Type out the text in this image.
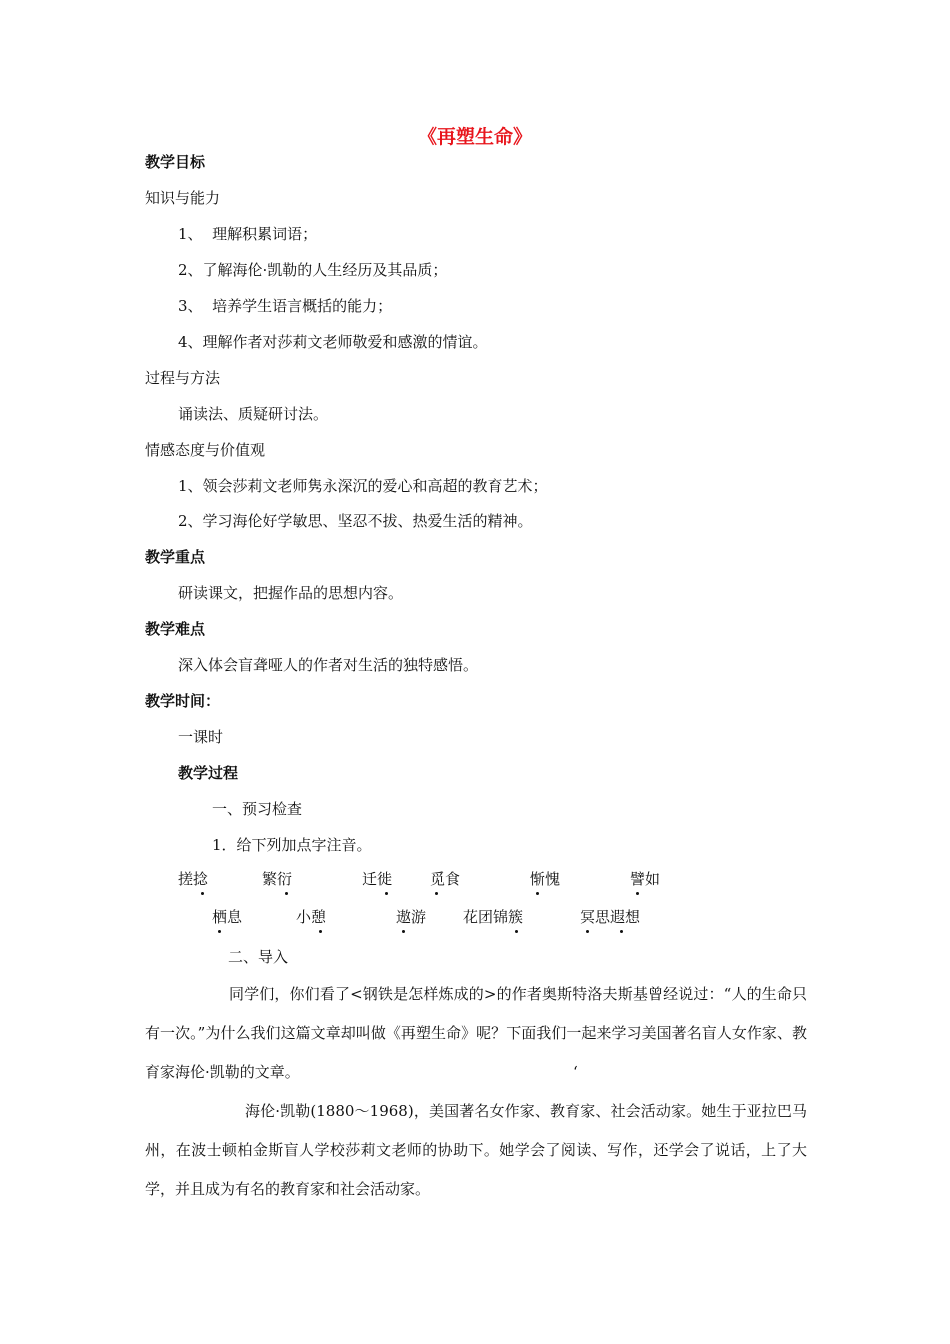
《再塑生命》
教学目标
知识与能力
1、  理解积累词语；
2、了解海伦·凯勒的人生经历及其品质；
3、  培养学生语言概括的能力；
4、理解作者对莎莉文老师敬爱和感激的情谊。
过程与方法
诵读法、质疑研讨法。
情感态度与价值观
1、领会莎莉文老师隽永深沉的爱心和高超的教育艺术；
2、学习海伦好学敏思、坚忍不拔、热爱生活的精神。
教学重点
研读课文，把握作品的思想内容。
教学难点
深入体会盲聋哑人的作者对生活的独特感悟。
教学时间：
一课时
教学过程
一、预习检查
1．给下列加点字注音。
搓捻	繁衍	迁徙	觅食	惭愧	譬如
栖息	小憩	遨游 花团锦簇	冥思遐想
二、导入
同学们，你们看了<钢铁是怎样炼成的>的作者奥斯特洛夫斯基曾经说过：“人的生命只有一次。”为什么我们这篇文章却叫做《再塑生命》呢？下面我们一起来学习美国著名盲人女作家、教育家海伦·凯勒的文章。	‘
海伦·凯勒(1880～1968)，美国著名女作家、教育家、社会活动家。她生于亚拉巴马州，在波士顿柏金斯盲人学校莎莉文老师的协助下。她学会了阅读、写作，还学会了说话，上了大学，并且成为有名的教育家和社会活动家。
